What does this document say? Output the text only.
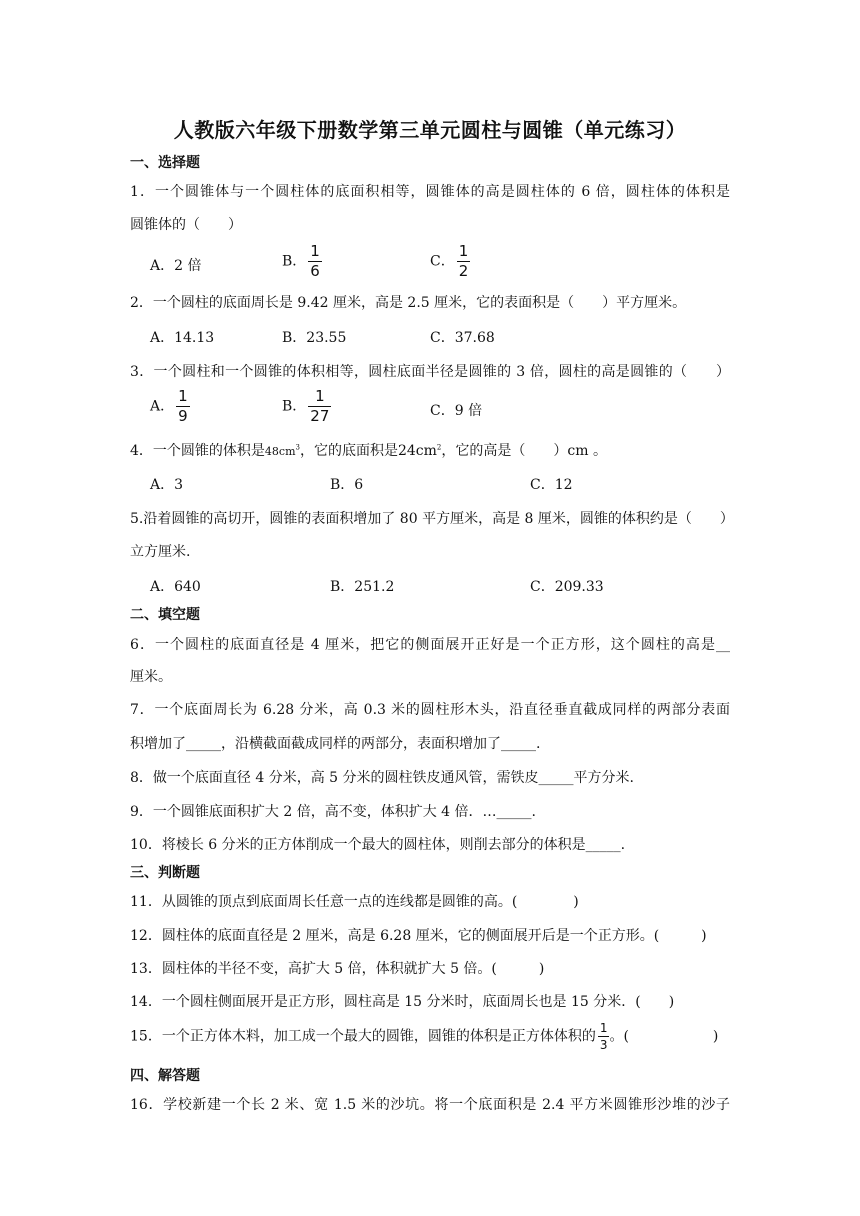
人教版六年级下册数学第三单元圆柱与圆锥（单元练习）
一、选择题
1．一个圆锥体与一个圆柱体的底面积相等，圆锥体的高是圆柱体的 6 倍，圆柱体的体积是
圆锥体的（　　）
A．2 倍	B． $\frac{1}{6}$	C． $\frac{1}{2}$
2．一个圆柱的底面周长是 9.42 厘米，高是 2.5 厘米，它的表面积是（　　）平方厘米。
A．14.13	B．23.55	C．37.68
3．一个圆柱和一个圆锥的体积相等，圆柱底面半径是圆锥的 3 倍，圆柱的高是圆锥的（　　）
A． $\frac{1}{9}$	B． $\frac{1}{27}$	C．9 倍
4．一个圆锥的体积是$48cm^3$，它的底面积是$24cm^2$，它的高是（　　）cm 。
A．3	B．6	C．12
5.沿着圆锥的高切开，圆锥的表面积增加了 80 平方厘米，高是 8 厘米，圆锥的体积约是（　　）
立方厘米.
A．640	B．251.2	C．209.33
二、填空题
6．一个圆柱的底面直径是 4 厘米，把它的侧面展开正好是一个正方形，这个圆柱的高是__
厘米。
7．一个底面周长为 6.28 分米，高 0.3 米的圆柱形木头，沿直径垂直截成同样的两部分表面
积增加了_____，沿横截面截成同样的两部分，表面积增加了_____.
8．做一个底面直径 4 分米，高 5 分米的圆柱铁皮通风管，需铁皮_____平方分米.
9．一个圆锥底面积扩大 2 倍，高不变，体积扩大 4 倍．…_____.
10．将棱长 6 分米的正方体削成一个最大的圆柱体，则削去部分的体积是_____.
三、判断题
11．从圆锥的顶点到底面周长任意一点的连线都是圆锥的高。(　　　　)
12．圆柱体的底面直径是 2 厘米，高是 6.28 厘米，它的侧面展开后是一个正方形。(　　　)
13．圆柱体的半径不变，高扩大 5 倍，体积就扩大 5 倍。(　　　)
14．一个圆柱侧面展开是正方形，圆柱高是 15 分米时，底面周长也是 15 分米．(　　)
15．一个正方体木料，加工成一个最大的圆锥，圆锥的体积是正方体体积的 $\frac{1}{3}$ 。(　　　　　　)
四、解答题
16．学校新建一个长 2 米、宽 1.5 米的沙坑。将一个底面积是 2.4 平方米圆锥形沙堆的沙子
